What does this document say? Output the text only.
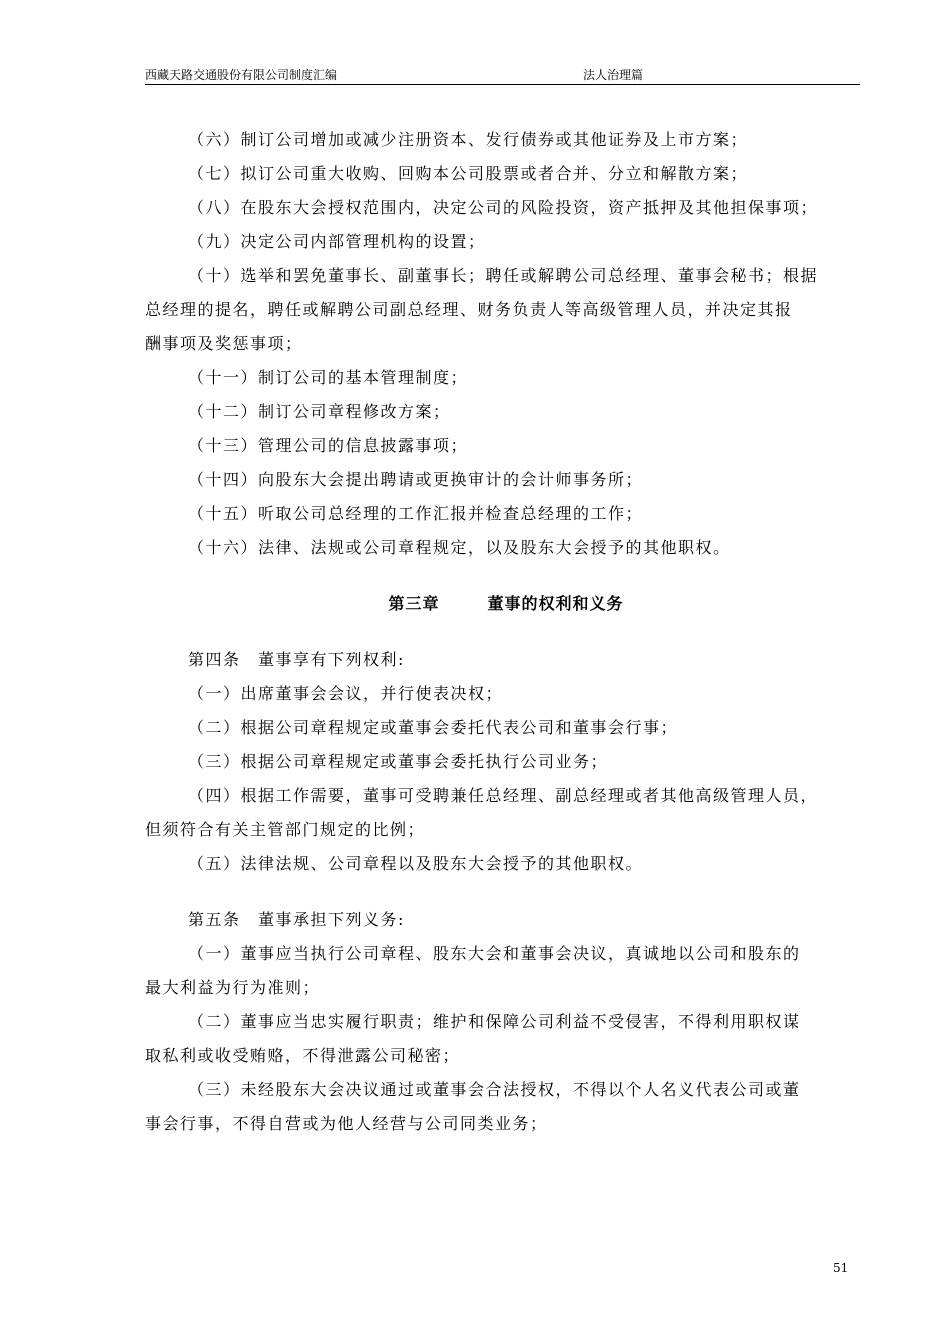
西藏天路交通股份有限公司制度汇编	法人治理篇
（六）制订公司增加或减少注册资本、发行债券或其他证券及上市方案；
（七）拟订公司重大收购、回购本公司股票或者合并、分立和解散方案；
（八）在股东大会授权范围内，决定公司的风险投资，资产抵押及其他担保事项；
（九）决定公司内部管理机构的设置；
（十）选举和罢免董事长、副董事长；聘任或解聘公司总经理、董事会秘书；根据
总经理的提名，聘任或解聘公司副总经理、财务负责人等高级管理人员，并决定其报
酬事项及奖惩事项；
（十一）制订公司的基本管理制度；
（十二）制订公司章程修改方案；
（十三）管理公司的信息披露事项；
（十四）向股东大会提出聘请或更换审计的会计师事务所；
（十五）听取公司总经理的工作汇报并检查总经理的工作；
（十六）法律、法规或公司章程规定，以及股东大会授予的其他职权。
第三章	董事的权利和义务
第四条　董事享有下列权利:
（一）出席董事会会议，并行使表决权；
（二）根据公司章程规定或董事会委托代表公司和董事会行事；
（三）根据公司章程规定或董事会委托执行公司业务；
（四）根据工作需要，董事可受聘兼任总经理、副总经理或者其他高级管理人员，
但须符合有关主管部门规定的比例；
（五）法律法规、公司章程以及股东大会授予的其他职权。
第五条　董事承担下列义务:
（一）董事应当执行公司章程、股东大会和董事会决议，真诚地以公司和股东的
最大利益为行为准则；
（二）董事应当忠实履行职责；维护和保障公司利益不受侵害，不得利用职权谋
取私利或收受贿赂，不得泄露公司秘密；
（三）未经股东大会决议通过或董事会合法授权，不得以个人名义代表公司或董
事会行事，不得自营或为他人经营与公司同类业务；
51
